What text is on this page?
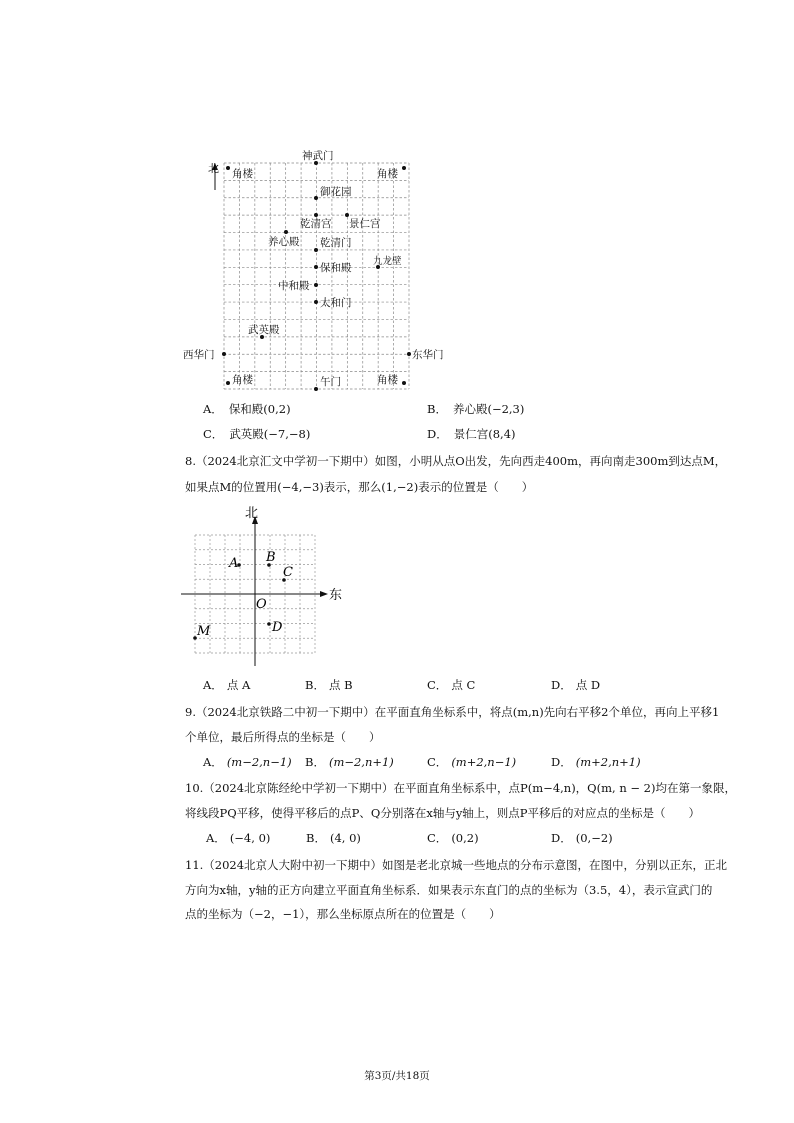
北
神武门
角楼	角楼
御花园
乾清宫 景仁宫
养心殿 乾清门
九龙壁
保和殿
中和殿
太和门
武英殿
西华门	东华门
角楼	午门	角楼
A． 保和殿(0,2)	B． 养心殿(−2,3)
C． 武英殿(−7,−8)	D． 景仁宫(8,4)
8.（2024北京汇文中学初一下期中）如图，小明从点O出发，先向西走400m，再向南走300m到达点M，
如果点M的位置用(−4,−3)表示，那么(1,−2)表示的位置是（　　）
北
东
A B
C
O
D
M
A． 点 A	B． 点 B	C． 点 C	D． 点 D
9.（2024北京铁路二中初一下期中）在平面直角坐标系中，将点(m,n)先向右平移2个单位，再向上平移1
个单位，最后所得点的坐标是（　　）
A． (m−2,n−1) B． (m−2,n+1)	C． (m+2,n−1)	D． (m+2,n+1)
10.（2024北京陈经纶中学初一下期中）在平面直角坐标系中，点P(m−4,n)，Q(m, n − 2)均在第一象限，
将线段PQ平移，使得平移后的点P、Q分别落在x轴与y轴上，则点P平移后的对应点的坐标是（　　）
A． (−4, 0)	B． (4, 0)	C． (0,2)	D． (0,−2)
11.（2024北京人大附中初一下期中）如图是老北京城一些地点的分布示意图，在图中，分别以正东，正北
方向为x轴，y轴的正方向建立平面直角坐标系．如果表示东直门的点的坐标为（3.5，4），表示宣武门的
点的坐标为（−2，−1），那么坐标原点所在的位置是（　　）
第3页/共18页
